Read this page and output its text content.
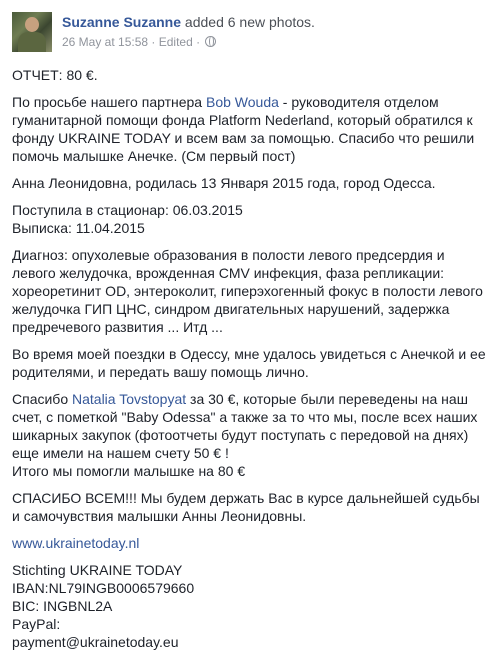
Suzanne Suzanne added 6 new photos.
26 May at 15:58 · Edited ·

ОТЧЕТ: 80 €.

По просьбе нашего партнера Bob Wouda - руководителя отделом гуманитарной помощи фонда Platform Nederland, который обратился к фонду UKRAINE TODAY и всем вам за помощью. Спасибо что решили помочь малышке Анечке. (См первый пост)

Анна Леонидовна, родилась 13 Января 2015 года, город Одесса.

Поступила в стационар: 06.03.2015
Выписка: 11.04.2015

Диагноз: опухолевые образования в полости левого предсердия и левого желудочка, врожденная CMV инфекция, фаза репликации: хореоретинит OD, энтероколит, гиперэхогенный фокус в полости левого желудочка ГИП ЦНС, синдром двигательных нарушений, задержка предречевого развития ... Итд ...

Во время моей поездки в Одессу, мне удалось увидеться с Анечкой и ее родителями, и передать вашу помощь лично.

Спасибо Natalia Tovstopyat за 30 €, которые были переведены на наш счет, с пометкой "Baby Odessa" а также за то что мы, после всех наших шикарных закупок (фотоотчеты будут поступать с передовой на днях) еще имели на нашем счету 50 € !
Итого мы помогли малышке на 80 €

СПАСИБО ВСЕМ!!! Мы будем держать Вас в курсе дальнейшей судьбы и самочувствия малышки Анны Леонидовны.

www.ukrainetoday.nl

Stichting UKRAINE TODAY
IBAN:NL79INGB0006579660
BIC: INGBNL2A
PayPal:
payment@ukrainetoday.eu
